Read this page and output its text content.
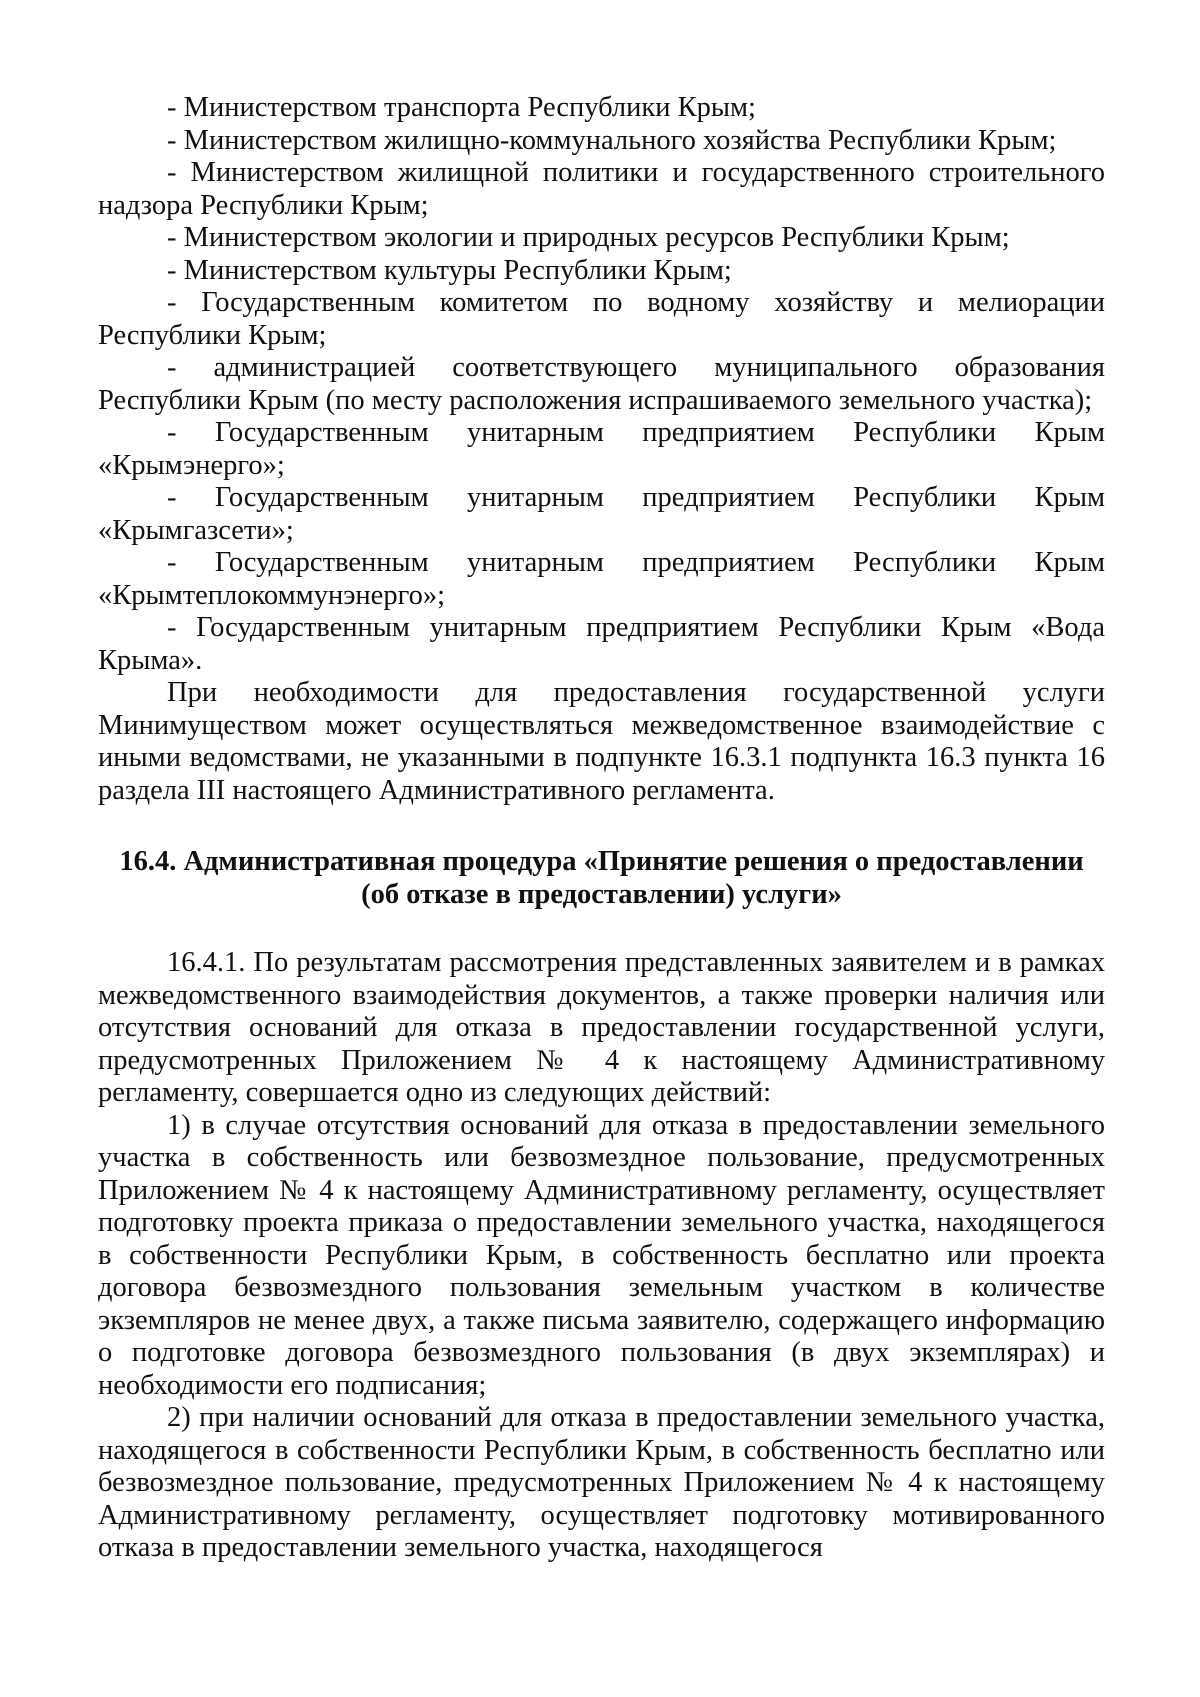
- Министерством транспорта Республики Крым;

- Министерством жилищно-коммунального хозяйства Республики Крым;

- Министерством жилищной политики и государственного строительного надзора Республики Крым;

- Министерством экологии и природных ресурсов Республики Крым;

- Министерством культуры Республики Крым;

- Государственным комитетом по водному хозяйству и мелиорации Республики Крым;

- администрацией соответствующего муниципального образования Республики Крым (по месту расположения испрашиваемого земельного участка);

- Государственным унитарным предприятием Республики Крым «Крымэнерго»;

- Государственным унитарным предприятием Республики Крым «Крымгазсети»;

- Государственным унитарным предприятием Республики Крым «Крымтеплокоммунэнерго»;

- Государственным унитарным предприятием Республики Крым «Вода Крыма».

При необходимости для предоставления государственной услуги Минимуществом может осуществляться межведомственное взаимодействие с иными ведомствами, не указанными в подпункте 16.3.1 подпункта 16.3 пункта 16 раздела III настоящего Административного регламента.

16.4. Административная процедура «Принятие решения о предоставлении
(об отказе в предоставлении) услуги»

16.4.1. По результатам рассмотрения представленных заявителем и в рамках межведомственного взаимодействия документов, а также проверки наличия или отсутствия оснований для отказа в предоставлении государственной услуги, предусмотренных Приложением № 4 к настоящему Административному регламенту, совершается одно из следующих действий:

1) в случае отсутствия оснований для отказа в предоставлении земельного участка в собственность или безвозмездное пользование, предусмотренных Приложением № 4 к настоящему Административному регламенту, осуществляет подготовку проекта приказа о предоставлении земельного участка, находящегося в собственности Республики Крым, в собственность бесплатно или проекта договора безвозмездного пользования земельным участком в количестве экземпляров не менее двух, а также письма заявителю, содержащего информацию о подготовке договора безвозмездного пользования (в двух экземплярах) и необходимости его подписания;

2) при наличии оснований для отказа в предоставлении земельного участка, находящегося в собственности Республики Крым, в собственность бесплатно или безвозмездное пользование, предусмотренных Приложением № 4 к настоящему Административному регламенту, осуществляет подготовку мотивированного отказа в предоставлении земельного участка, находящегося
